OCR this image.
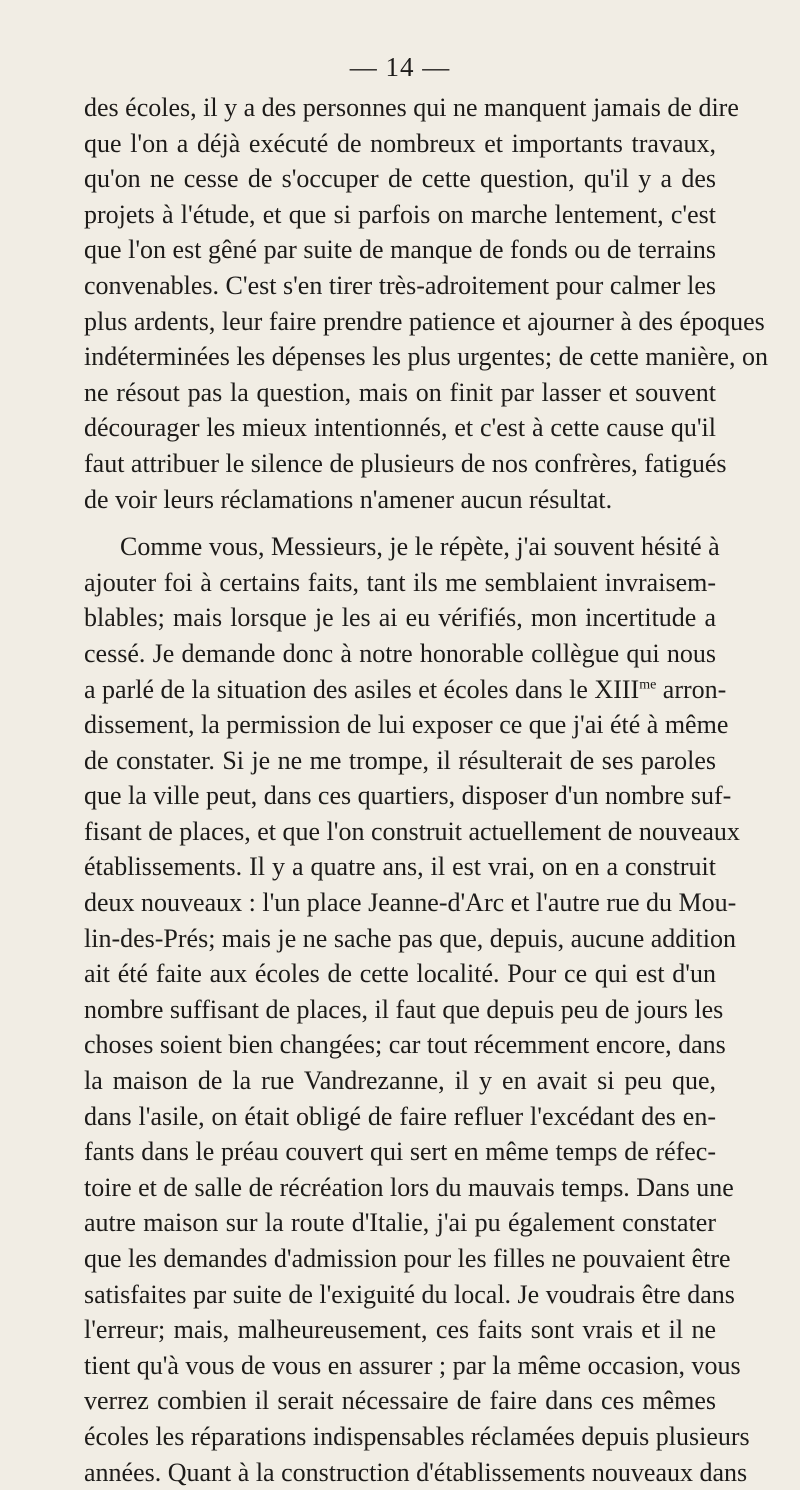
— 14 —

des écoles, il y a des personnes qui ne manquent jamais de dire
que l'on a déjà exécuté de nombreux et importants travaux,
qu'on ne cesse de s'occuper de cette question, qu'il y a des
projets à l'étude, et que si parfois on marche lentement, c'est
que l'on est gêné par suite de manque de fonds ou de terrains
convenables. C'est s'en tirer très-adroitement pour calmer les
plus ardents, leur faire prendre patience et ajourner à des époques
indéterminées les dépenses les plus urgentes; de cette manière, on
ne résout pas la question, mais on finit par lasser et souvent
décourager les mieux intentionnés, et c'est à cette cause qu'il
faut attribuer le silence de plusieurs de nos confrères, fatigués
de voir leurs réclamations n'amener aucun résultat.

Comme vous, Messieurs, je le répète, j'ai souvent hésité à
ajouter foi à certains faits, tant ils me semblaient invraisem-
blables; mais lorsque je les ai eu vérifiés, mon incertitude a
cessé. Je demande donc à notre honorable collègue qui nous
a parlé de la situation des asiles et écoles dans le $XIII^{me}$ arron-
dissement, la permission de lui exposer ce que j'ai été à même
de constater. Si je ne me trompe, il résulterait de ses paroles
que la ville peut, dans ces quartiers, disposer d'un nombre suf-
fisant de places, et que l'on construit actuellement de nouveaux
établissements. Il y a quatre ans, il est vrai, on en a construit
deux nouveaux : l'un place Jeanne-d'Arc et l'autre rue du Mou-
lin-des-Prés; mais je ne sache pas que, depuis, aucune addition
ait été faite aux écoles de cette localité. Pour ce qui est d'un
nombre suffisant de places, il faut que depuis peu de jours les
choses soient bien changées; car tout récemment encore, dans
la maison de la rue Vandrezanne, il y en avait si peu que,
dans l'asile, on était obligé de faire refluer l'excédant des en-
fants dans le préau couvert qui sert en même temps de réfec-
toire et de salle de récréation lors du mauvais temps. Dans une
autre maison sur la route d'Italie, j'ai pu également constater
que les demandes d'admission pour les filles ne pouvaient être
satisfaites par suite de l'exiguité du local. Je voudrais être dans
l'erreur; mais, malheureusement, ces faits sont vrais et il ne
tient qu'à vous de vous en assurer ; par la même occasion, vous
verrez combien il serait nécessaire de faire dans ces mêmes
écoles les réparations indispensables réclamées depuis plusieurs
années. Quant à la construction d'établissements nouveaux dans
